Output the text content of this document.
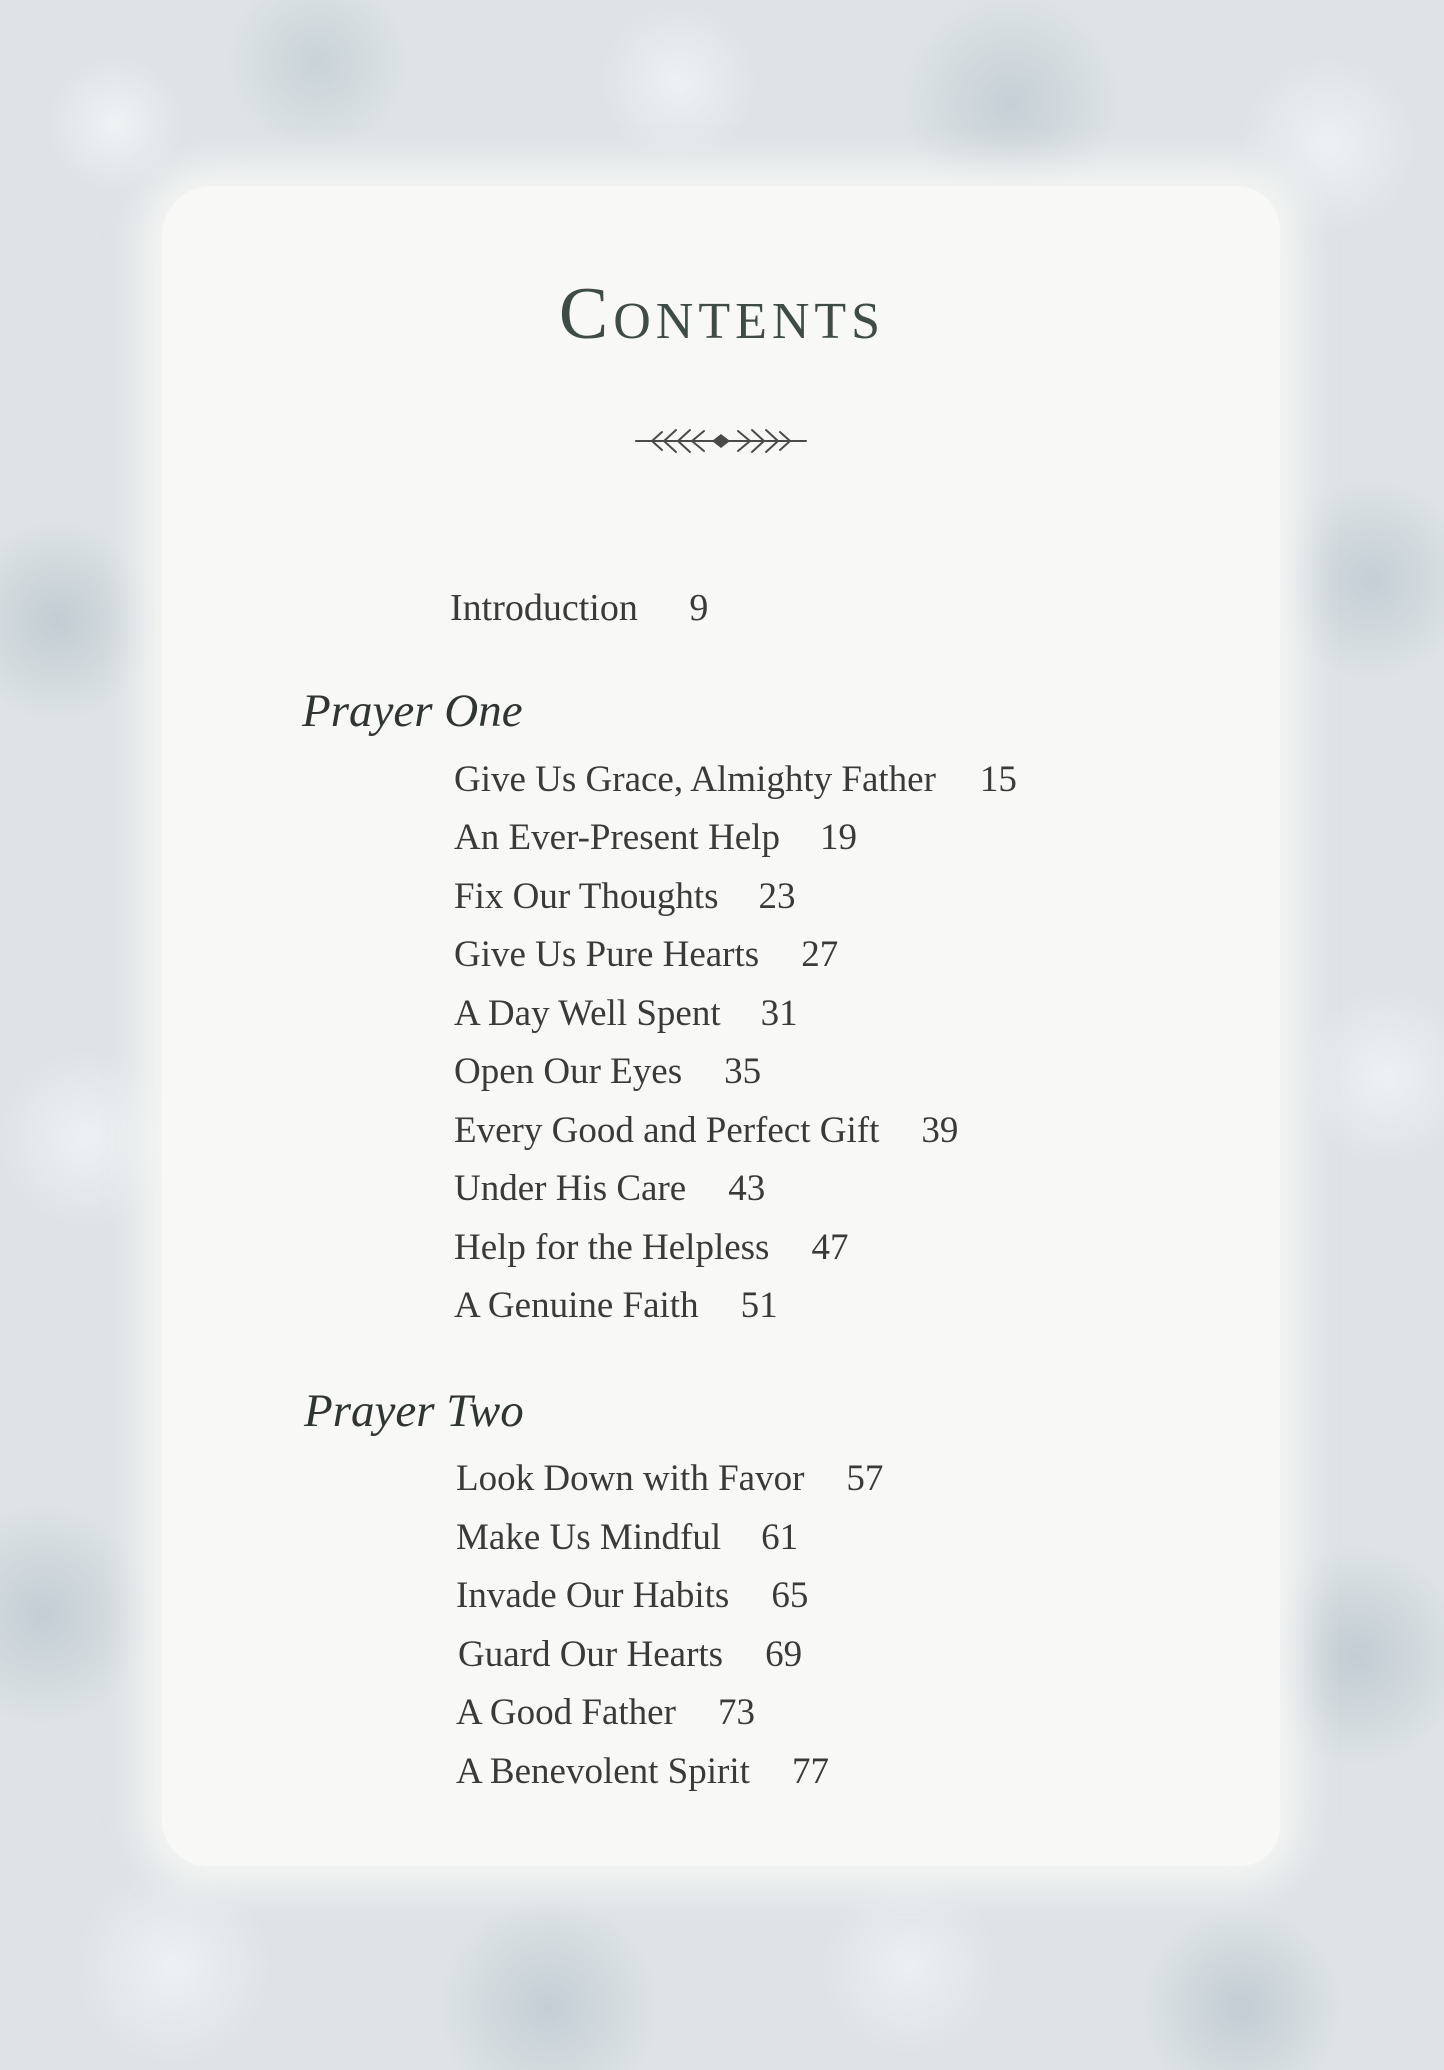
Contents
Introduction 9
Prayer One
Give Us Grace, Almighty Father 15
An Ever-Present Help 19
Fix Our Thoughts 23
Give Us Pure Hearts 27
A Day Well Spent 31
Open Our Eyes 35
Every Good and Perfect Gift 39
Under His Care 43
Help for the Helpless 47
A Genuine Faith 51
Prayer Two
Look Down with Favor 57
Make Us Mindful 61
Invade Our Habits 65
Guard Our Hearts 69
A Good Father 73
A Benevolent Spirit 77
